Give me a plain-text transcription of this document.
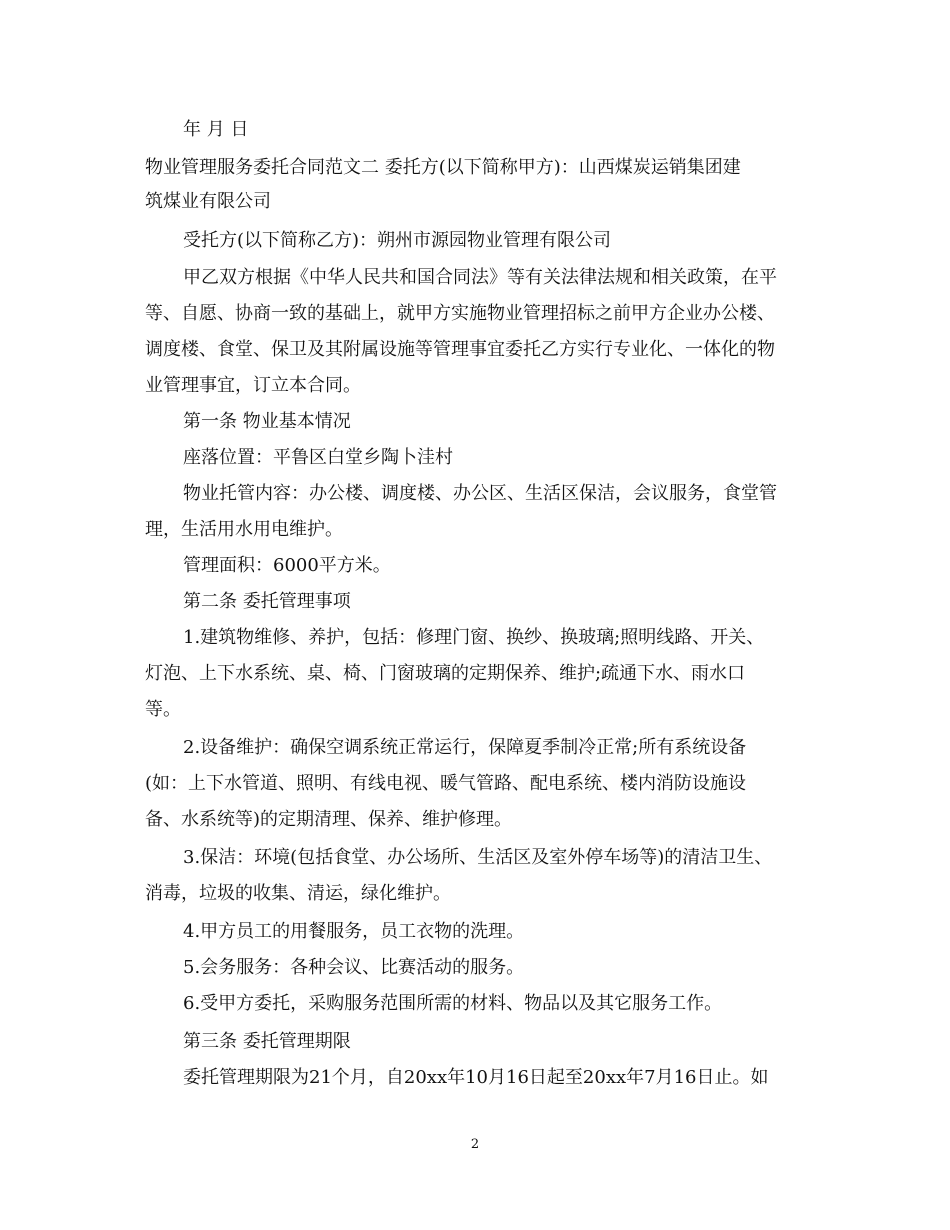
年 月 日
物业管理服务委托合同范文二 委托方(以下简称甲方)：山西煤炭运销集团建
筑煤业有限公司
受托方(以下简称乙方)：朔州市源园物业管理有限公司
甲乙双方根据《中华人民共和国合同法》等有关法律法规和相关政策，在平
等、自愿、协商一致的基础上，就甲方实施物业管理招标之前甲方企业办公楼、
调度楼、食堂、保卫及其附属设施等管理事宜委托乙方实行专业化、一体化的物
业管理事宜，订立本合同。
第一条 物业基本情况
座落位置：平鲁区白堂乡陶卜洼村
物业托管内容：办公楼、调度楼、办公区、生活区保洁，会议服务，食堂管
理，生活用水用电维护。
管理面积：6000平方米。
第二条 委托管理事项
1.建筑物维修、养护，包括：修理门窗、换纱、换玻璃;照明线路、开关、
灯泡、上下水系统、桌、椅、门窗玻璃的定期保养、维护;疏通下水、雨水口
等。
2.设备维护：确保空调系统正常运行，保障夏季制冷正常;所有系统设备
(如：上下水管道、照明、有线电视、暖气管路、配电系统、楼内消防设施设
备、水系统等)的定期清理、保养、维护修理。
3.保洁：环境(包括食堂、办公场所、生活区及室外停车场等)的清洁卫生、
消毒，垃圾的收集、清运，绿化维护。
4.甲方员工的用餐服务，员工衣物的洗理。
5.会务服务：各种会议、比赛活动的服务。
6.受甲方委托，采购服务范围所需的材料、物品以及其它服务工作。
第三条 委托管理期限
委托管理期限为21个月，自20xx年10月16日起至20xx年7月16日止。如
2
